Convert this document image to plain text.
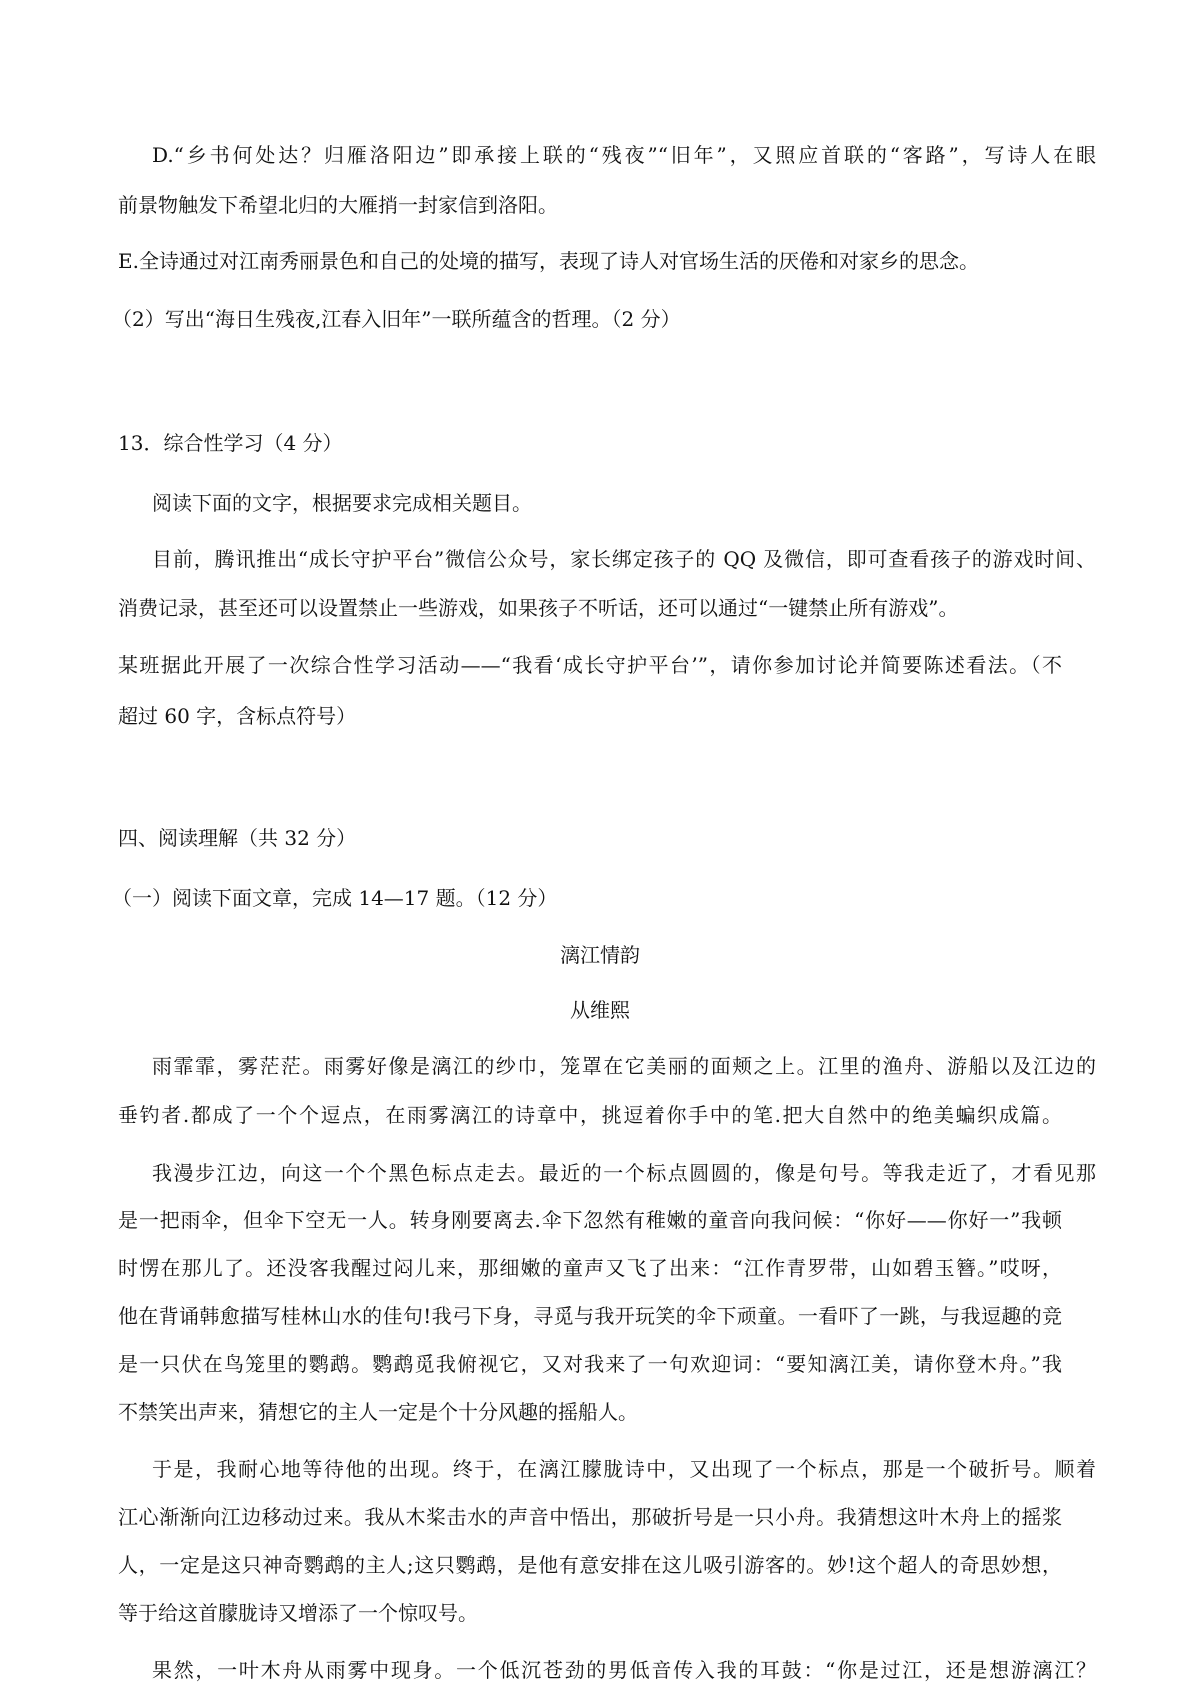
D.“乡书何处达？归雁洛阳边”即承接上联的“残夜”“旧年”，又照应首联的“客路”，写诗人在眼
前景物触发下希望北归的大雁捎一封家信到洛阳。
E.全诗通过对江南秀丽景色和自己的处境的描写，表现了诗人对官场生活的厌倦和对家乡的思念。
（2）写出“海日生残夜,江春入旧年”一联所蕴含的哲理。（2 分）
13．综合性学习（4 分）
阅读下面的文字，根据要求完成相关题目。
目前，腾讯推出“成长守护平台”微信公众号，家长绑定孩子的 QQ 及微信，即可查看孩子的游戏时间、
消费记录，甚至还可以设置禁止一些游戏，如果孩子不听话，还可以通过“一键禁止所有游戏”。
某班据此开展了一次综合性学习活动——“我看‘成长守护平台’”，请你参加讨论并简要陈述看法。（不
超过 60 字，含标点符号）
四、阅读理解（共 32 分）
（一）阅读下面文章，完成 14—17 题。（12 分）
漓江情韵
从维熙
雨霏霏，雾茫茫。雨雾好像是漓江的纱巾，笼罩在它美丽的面颊之上。江里的渔舟、游船以及江边的
垂钓者.都成了一个个逗点，在雨雾漓江的诗章中，挑逗着你手中的笔.把大自然中的绝美蝙织成篇。
我漫步江边，向这一个个黑色标点走去。最近的一个标点圆圆的，像是句号。等我走近了，才看见那
是一把雨伞，但伞下空无一人。转身刚要离去.伞下忽然有稚嫩的童音向我问候：“你好——你好一”我顿
时愣在那儿了。还没客我醒过闷儿来，那细嫩的童声又飞了出来：“江作青罗带，山如碧玉簪。”哎呀，
他在背诵韩愈描写桂林山水的佳句!我弓下身，寻觅与我开玩笑的伞下顽童。一看吓了一跳，与我逗趣的竞
是一只伏在鸟笼里的鹦鹉。鹦鹉觅我俯视它，又对我来了一句欢迎词：“要知漓江美，请你登木舟。”我
不禁笑出声来，猜想它的主人一定是个十分风趣的摇船人。
于是，我耐心地等待他的出现。终于，在漓江朦胧诗中，又出现了一个标点，那是一个破折号。顺着
江心渐渐向江边移动过来。我从木桨击水的声音中悟出，那破折号是一只小舟。我猜想这叶木舟上的摇浆
人，一定是这只神奇鹦鹉的主人;这只鹦鹉，是他有意安排在这儿吸引游客的。妙!这个超人的奇思妙想，
等于给这首朦胧诗又增添了一个惊叹号。
果然，一叶木舟从雨雾中现身。一个低沉苍劲的男低音传入我的耳鼓：“你是过江，还是想游漓江？
